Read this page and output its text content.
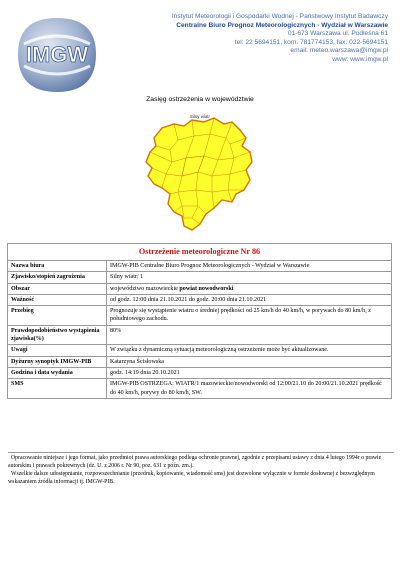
IMGW
Instytut Meteorologii i Gospodarki Wodnej - Państwowy Instytut Badawczy
Centralne Biuro Prognoz Meteorologicznych - Wydział w Warszawie
01-673 Warszawa ul. Podleśna 61
tel: 22 5694151, kom. 781774153, fax: 022-5694151
email: meteo.warszawa@imgw.pl
www: www.imgw.pl
Zasięg ostrzeżenia w województwie
Silny wiatr
Ostrzeżenie meteorologiczne Nr 86	
Nazwa biura	IMGW-PIB Centralne Biuro Prognoz Meteorologicznych - Wydział w Warszawie
Zjawisko/stopień zagrożenia	Silny wiatr/ 1
Obszar	województwo mazowieckie powiat nowodworski
Ważność	od godz. 12:00 dnia 21.10.2021 do godz. 20:00 dnia 21.10.2021
Przebieg	Prognozuje się wystąpienie wiatru o średniej prędkości od 25 km/h do 40 km/h, w porywach do 80 km/h, z południowego zachodu.
Prawdopodobieństwo wystąpienia zjawiska(%)	80%
Uwagi	W związku z dynamiczną sytuacją meteorologiczną ostrzeżenie może być aktualizowane.
Dyżurny synoptyk IMGW-PIB	Katarzyna Ścisłowska
Godzina i data wydania	godz. 14:19 dnia 20.10.2021
SMS	IMGW-PIB OSTRZEGA: WIATR/1 mazowieckie/nowodworski od 12:00/21.10 do 20:00/21.10.2021 prędkość do 40 km/h, porywy do 80 km/h, SW.

Opracowanie niniejsze i jego format, jako przedmiot prawa autorskiego podlega ochronie prawnej, zgodnie z przepisami ustawy z dnia 4 lutego 1994r o prawie autorskim i prawach pokrewnych (dz. U. z 2006 r. Nr 90, poz. 631 z późn. zm.).

Wszelkie dalsze udostępnianie, rozpowszechnianie (przedruk, kopiowanie, wiadomość sms) jest dozwolone wyłącznie w formie dosłownej z bezwzględnym wskazaniem źródła informacji tj. IMGW-PIB.
